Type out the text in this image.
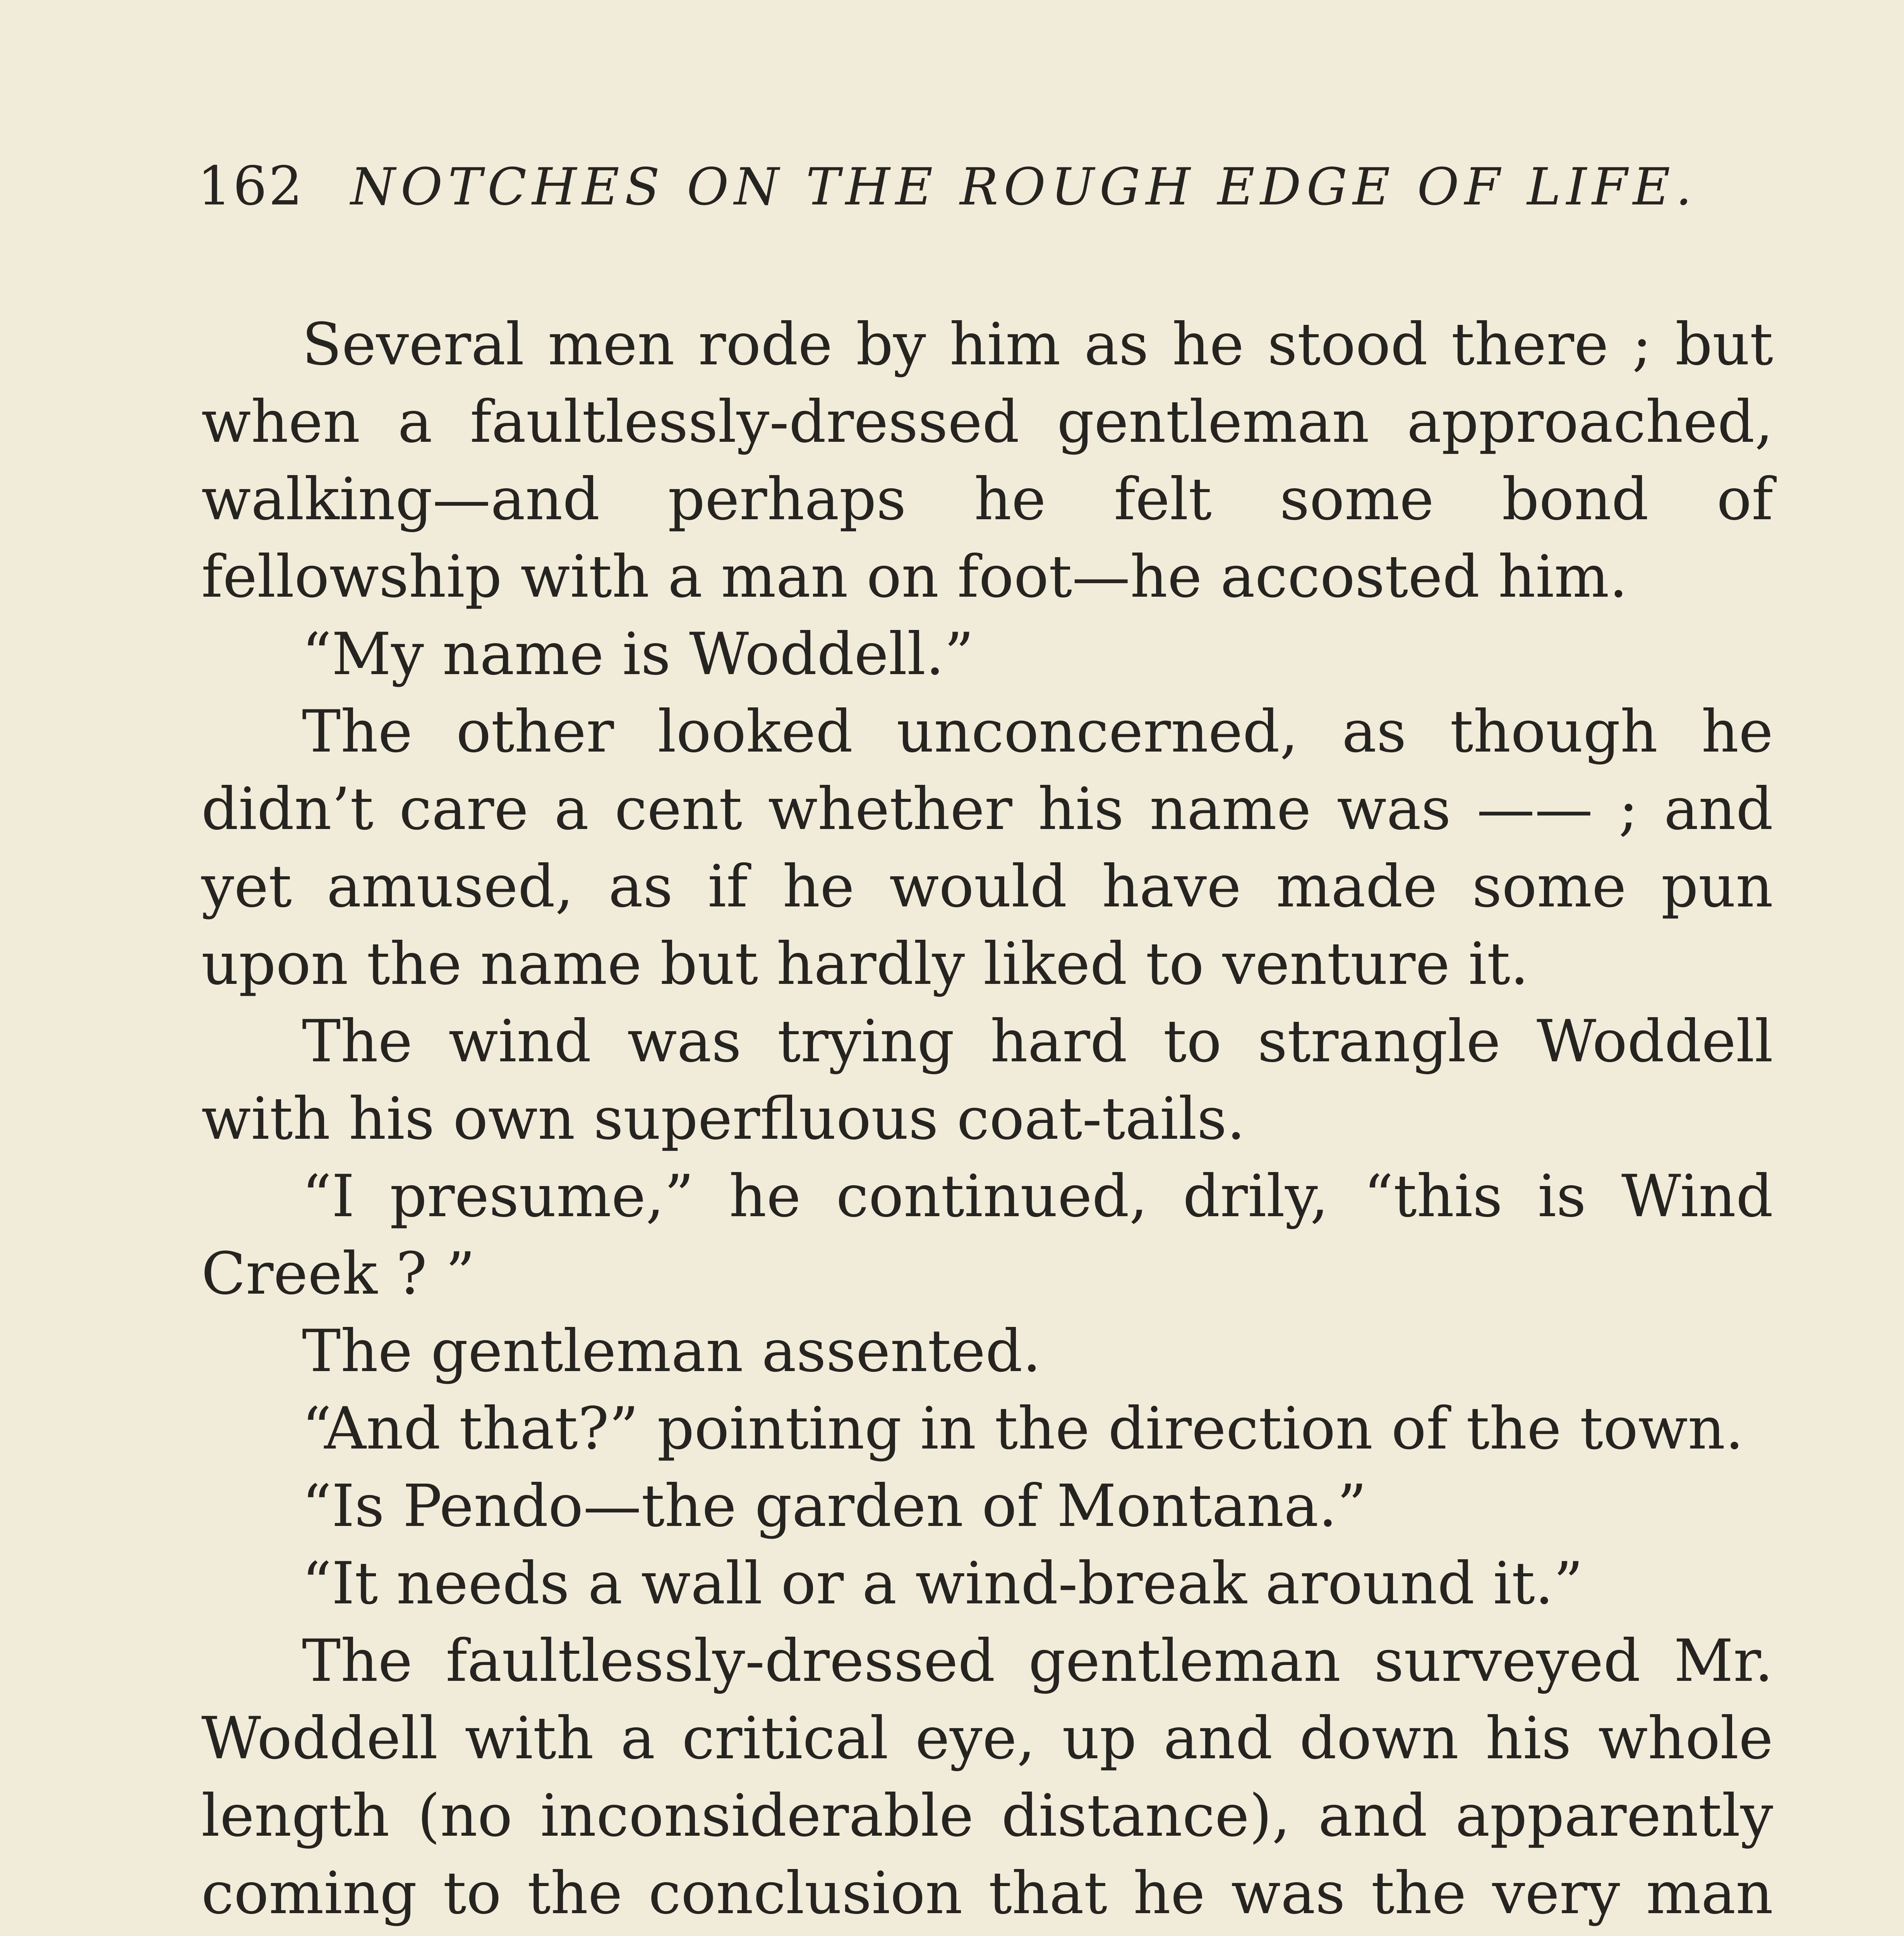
162 NOTCHES ON THE ROUGH EDGE OF LIFE.

Several men rode by him as he stood there ; but when a faultlessly-dressed gentleman approached, walking—and perhaps he felt some bond of fellowship with a man on foot—he accosted him.

“My name is Woddell.”

The other looked unconcerned, as though he didn’t care a cent whether his name was —— ; and yet amused, as if he would have made some pun upon the name but hardly liked to venture it.

The wind was trying hard to strangle Woddell with his own superfluous coat-tails.

“I presume,” he continued, drily, “this is Wind Creek ? ”

The gentleman assented.

“And that?” pointing in the direction of the town.

“Is Pendo—the garden of Montana.”

“It needs a wall or a wind-break around it.”

The faultlessly-dressed gentleman surveyed Mr. Woddell with a critical eye, up and down his whole length (no inconsiderable distance), and apparently coming to the conclusion that he was the very man
